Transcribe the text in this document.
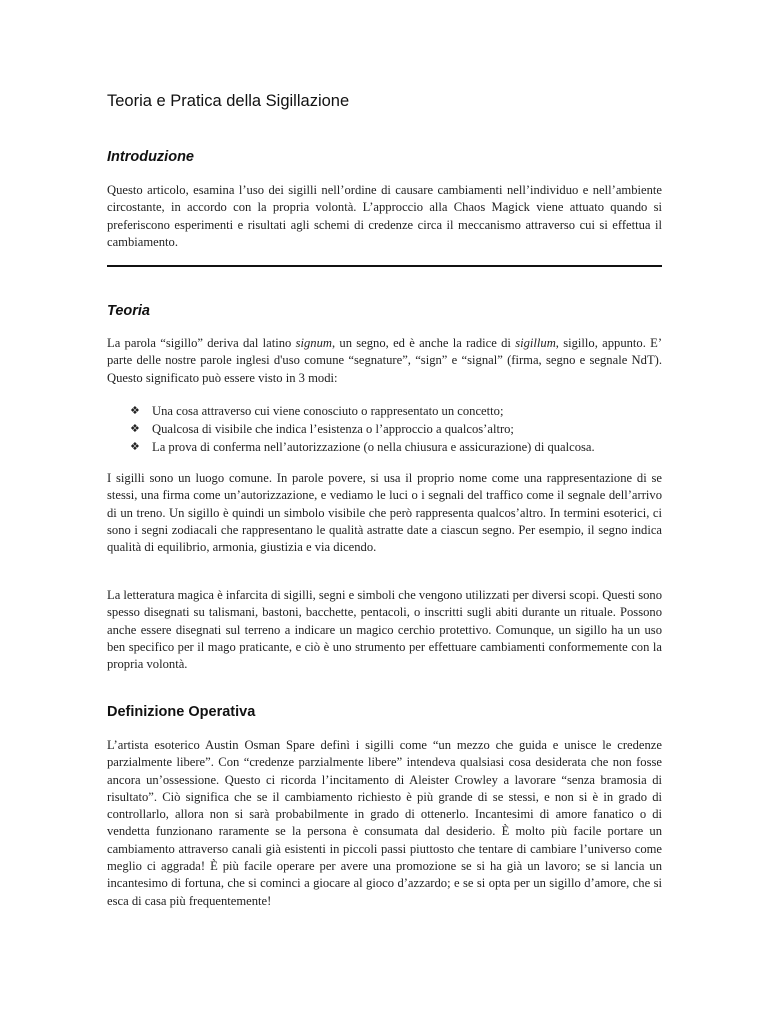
Teoria e Pratica della Sigillazione
Introduzione

Questo articolo, esamina l’uso dei sigilli nell’ordine di causare cambiamenti nell’individuo e nell’ambiente circostante, in accordo con la propria volontà. L’approccio alla Chaos Magick viene attuato quando si preferiscono esperimenti e risultati agli schemi di credenze circa il meccanismo attraverso cui si effettua il cambiamento.

Teoria

La parola “sigillo” deriva dal latino signum, un segno, ed è anche la radice di sigillum, sigillo, appunto. E’ parte delle nostre parole inglesi d'uso comune “segnature”, “sign” e “signal” (firma, segno e segnale NdT). Questo significato può essere visto in 3 modi:

❖ Una cosa attraverso cui viene conosciuto o rappresentato un concetto;
❖ Qualcosa di visibile che indica l’esistenza o l’approccio a qualcos’altro;
❖ La prova di conferma nell’autorizzazione (o nella chiusura e assicurazione) di qualcosa.

I sigilli sono un luogo comune. In parole povere, si usa il proprio nome come una rappresentazione di se stessi, una firma come un’autorizzazione, e vediamo le luci o i segnali del traffico come il segnale dell’arrivo di un treno. Un sigillo è quindi un simbolo visibile che però rappresenta qualcos’altro. In termini esoterici, ci sono i segni zodiacali che rappresentano le qualità astratte date a ciascun segno. Per esempio, il segno indica qualità di equilibrio, armonia, giustizia e via dicendo.

La letteratura magica è infarcita di sigilli, segni e simboli che vengono utilizzati per diversi scopi. Questi sono spesso disegnati su talismani, bastoni, bacchette, pentacoli, o inscritti sugli abiti durante un rituale. Possono anche essere disegnati sul terreno a indicare un magico cerchio protettivo. Comunque, un sigillo ha un uso ben specifico per il mago praticante, e ciò è uno strumento per effettuare cambiamenti conformemente con la propria volontà.

Definizione Operativa

L’artista esoterico Austin Osman Spare definì i sigilli come “un mezzo che guida e unisce le credenze parzialmente libere”. Con “credenze parzialmente libere” intendeva qualsiasi cosa desiderata che non fosse ancora un’ossessione. Questo ci ricorda l’incitamento di Aleister Crowley a lavorare “senza bramosia di risultato”. Ciò significa che se il cambiamento richiesto è più grande di se stessi, e non si è in grado di controllarlo, allora non si sarà probabilmente in grado di ottenerlo. Incantesimi di amore fanatico o di vendetta funzionano raramente se la persona è consumata dal desiderio. È molto più facile portare un cambiamento attraverso canali già esistenti in piccoli passi piuttosto che tentare di cambiare l’universo come meglio ci aggrada! È più facile operare per avere una promozione se si ha già un lavoro; se si lancia un incantesimo di fortuna, che si cominci a giocare al gioco d’azzardo; e se si opta per un sigillo d’amore, che si esca di casa più frequentemente!
